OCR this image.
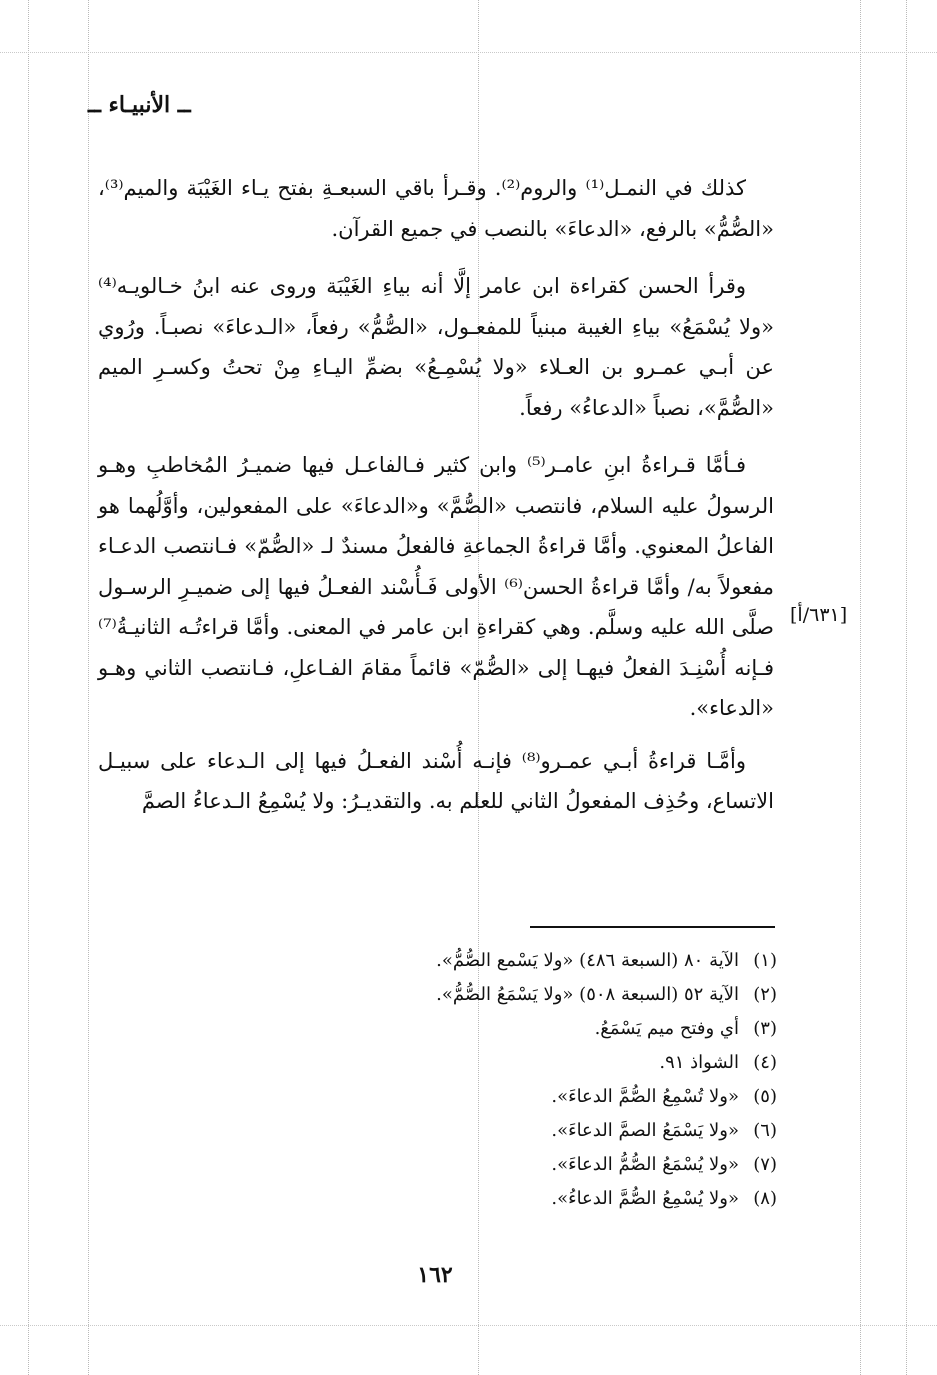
ــ الأنبيـاء ــ

كذلك في النمـل⁽¹⁾ والروم⁽²⁾. وقـرأ باقي السبعـةِ بفتح يـاء الغَيْبَة والميم⁽³⁾، «الصُّمُّ» بالرفع، «الدعاءَ» بالنصب في جميع القرآن.

وقرأ الحسن كقراءة ابن عامر إلَّا أنه بياءِ الغَيْبَة وروى عنه ابنُ خـالويـه⁽⁴⁾ «ولا يُسْمَعُ» بياءِ الغيبة مبنياً للمفعـول، «الصُّمُّ» رفعاً، «الـدعاءَ» نصبـاً. ورُوي عن أبـي عمـرو بن العـلاء «ولا يُسْمِـعُ» بضمِّ اليـاءِ مِنْ تحتُ وكسـرِ الميم «الصُّمَّ»، نصباً «الدعاءُ» رفعاً.

فـأمَّا قـراءةُ ابنِ عامـر⁽⁵⁾ وابن كثير فـالفاعـل فيها ضميـرُ المُخاطبِ وهـو الرسولُ عليه السلام، فانتصب «الصُّمَّ» و«الدعاءَ» على المفعولين، وأوَّلُهما هو الفاعلُ المعنوي. وأمَّا قراءةُ الجماعةِ فالفعلُ مسندٌ لـ «الصُّمّ» فـانتصب الدعـاء مفعولاً به/ وأمَّا قراءةُ الحسن⁽⁶⁾ الأولى فَـأُسْند الفعـلُ فيها إلى ضميـرِ الرسـول صلَّى الله عليه وسلَّم. وهي كقراءةِ ابن عامر في المعنى. وأمَّا قراءتُـه الثانيـةُ⁽⁷⁾ فـإنه أُسْنِـدَ الفعلُ فيهـا إلى «الصُّمّ» قائماً مقامَ الفـاعلِ، فـانتصب الثاني وهـو «الدعاء».

وأمَّـا قراءةُ أبـي عمـرو⁽⁸⁾ فإنـه أُسْند الفعـلُ فيها إلى الـدعاء على سبيـل الاتساع، وحُذِف المفعولُ الثاني للعلم به. والتقديـرُ: ولا يُسْمِعُ الـدعاءُ الصمَّ

[٦٣١/أ]
(١)الآية ٨٠ (السبعة ٤٨٦) «ولا يَسْمع الصُّمُّ».
(٢)الآية ٥٢ (السبعة ٥٠٨) «ولا يَسْمَعُ الصُّمُّ».
(٣)أي وفتح ميم يَسْمَعُ.
(٤)الشواذ ٩١.
(٥)«ولا تُسْمِعُ الصُّمَّ الدعاءَ».
(٦)«ولا يَسْمَعُ الصمَّ الدعاءَ».
(٧)«ولا يُسْمَعُ الصُّمُّ الدعاءَ».
(٨)«ولا يُسْمِعُ الصُّمَّ الدعاءُ».
١٦٢
